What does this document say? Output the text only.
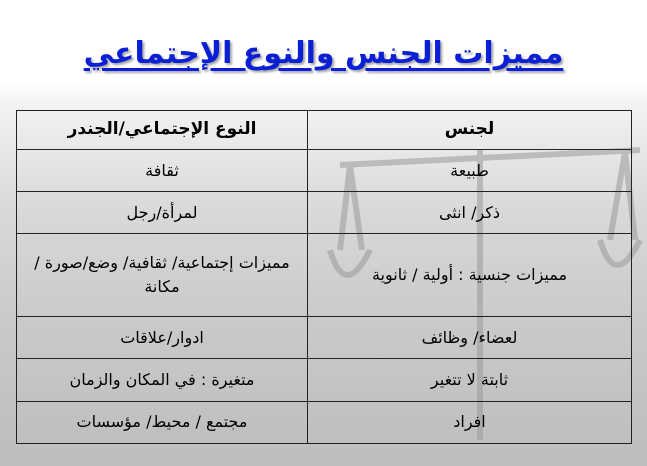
مميزات الجنس والنوع الإجتماعي
لجنس	النوع الإجتماعي/الجندر
طبيعة	ثقافة
ذكر/ انثى	لمرأة/رجل
مميزات جنسية : أولية / ثانوية	مميزات إجتماعية/ ثقافية/ وضع/صورة /مكانة
لعضاء/ وظائف	ادوار/علاقات
ثابتة لا تتغير	متغيرة : في المكان والزمان
افراد	مجتمع / محيط/ مؤسسات
